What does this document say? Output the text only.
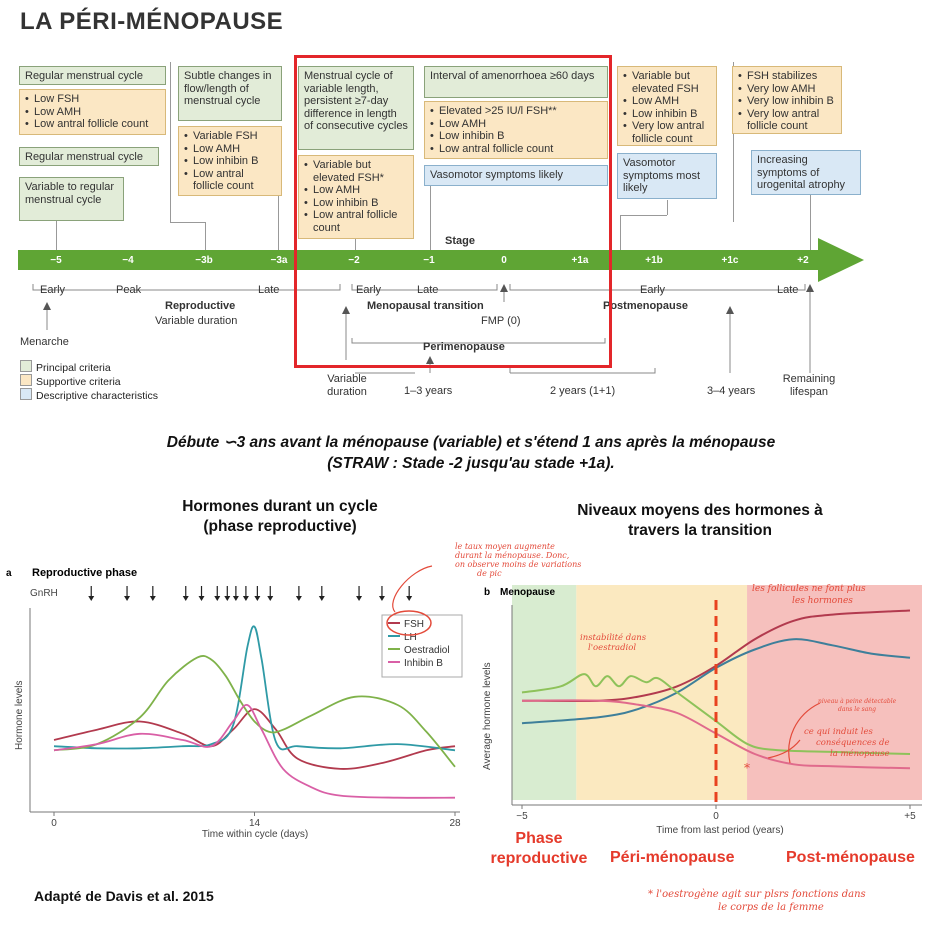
LA PÉRI-MÉNOPAUSE
Regular menstrual cycle
• Low FSH
• Low AMH
• Low antral follicle count
Regular menstrual cycle
Variable to regular menstrual cycle
Subtle changes in flow/length of menstrual cycle
• Variable FSH
• Low AMH
• Low inhibin B
• Low antral follicle count
Menstrual cycle of variable length, persistent ≥7-day difference in length of consecutive cycles
• Variable but elevated FSH*
• Low AMH
• Low inhibin B
• Low antral follicle count
Interval of amenorrhoea ≥60 days
• Elevated >25 IU/l FSH**
• Low AMH
• Low inhibin B
• Low antral follicle count
Vasomotor symptoms likely
• Variable but elevated FSH
• Low AMH
• Low inhibin B
• Very low antral follicle count
Vasomotor symptoms most likely
• FSH stabilizes
• Very low AMH
• Very low inhibin B
• Very low antral follicle count
Increasing symptoms of urogenital atrophy
Stage
−5	−4	−3b	−3a	−2	−1	0	+1a	+1b	+1c	+2
Early	Peak	Late	Early	Late	Early	Late
Reproductive
Variable duration
Menopausal transition	Postmenopause
FMP (0)
Perimenopause
Menarche
Principal criteria
Supportive criteria
Descriptive characteristics
Variable duration	1–3 years	2 years (1+1)	3–4 years
Remaining lifespan
Débute ∽3 ans avant la ménopause (variable) et s'étend 1 ans après la ménopause
(STRAW : Stade -2 jusqu'au stade +1a).
Hormones durant un cycle
(phase reproductive)
Niveaux moyens des hormones à
travers la transition
a Reproductive phase
GnRH
Hormone levels
0	14	28
Time within cycle (days)
FSH
LH
Oestradiol
Inhibin B
b Menopause
Average hormone levels
−5	0	+5
Time from last period (years)
le taux moyen augmente
durant la ménopause. Donc,
on observe moins de variations
de pic
instabilité dans
l'oestradiol
les follicules ne font plus
les hormones
niveau à peine détectable
dans le sang
ce qui induit les
conséquences de
la ménopause
*
Phase
reproductive	Péri-ménopause	Post-ménopause
* l'oestrogène agit sur plsrs fonctions dans
le corps de la femme
Adapté de Davis et al. 2015
